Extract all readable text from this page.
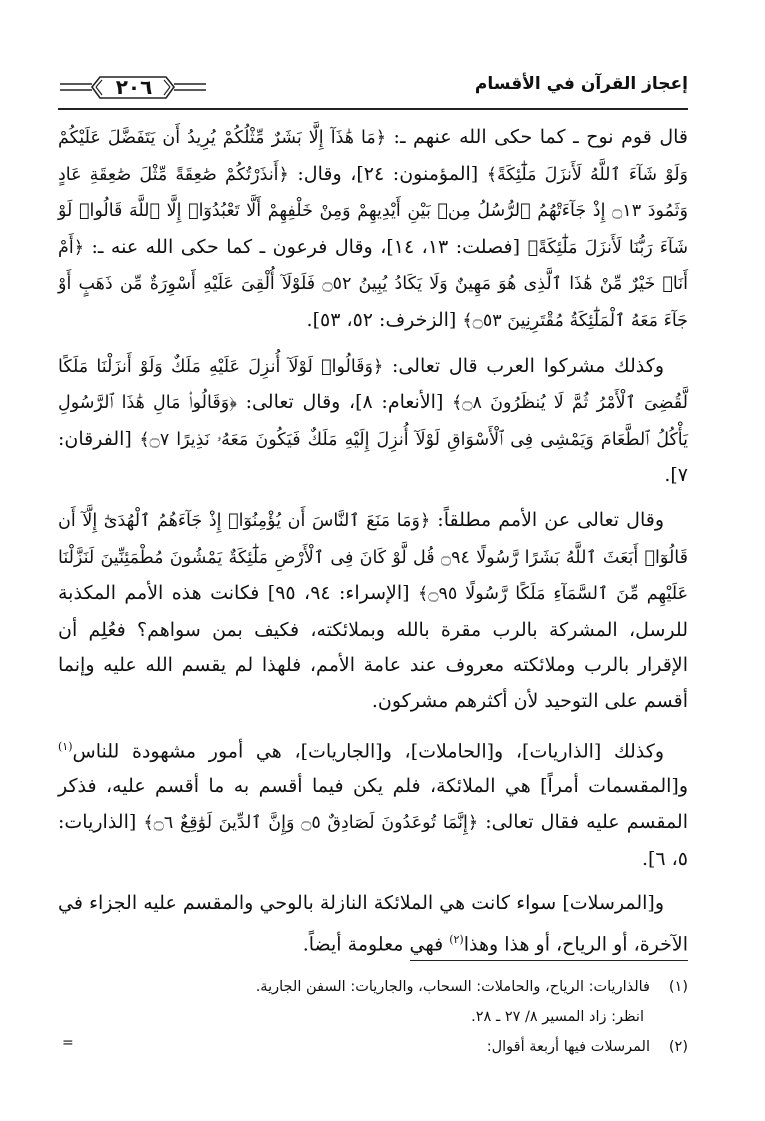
إعجاز القرآن في الأقسام
٢٠٦

قال قوم نوح ـ كما حكى الله عنهم ـ: ﴿مَا هَٰذَآ إِلَّا بَشَرٌ مِّثْلُكُمْ يُرِيدُ أَن يَتَفَضَّلَ عَلَيْكُمْ وَلَوْ شَآءَ ٱللَّهُ لَأَنزَلَ مَلَٰٓئِكَةً﴾ [المؤمنون: ٢٤]، وقال: ﴿أَنذَرْتُكُمْ صَٰعِقَةً مِّثْلَ صَٰعِقَةِ عَادٍ وَثَمُودَ ۝١٣ إِذْ جَآءَتْهُمُ ٱلرُّسُلُ مِنۢ بَيْنِ أَيْدِيهِمْ وَمِنْ خَلْفِهِمْ أَلَّا تَعْبُدُوٓا۟ إِلَّا ٱللَّهَ قَالُوا۟ لَوْ شَآءَ رَبُّنَا لَأَنزَلَ مَلَٰٓئِكَةً﴾ [فصلت: ١٣، ١٤]، وقال فرعون ـ كما حكى الله عنه ـ: ﴿أَمْ أَنَا۠ خَيْرٌ مِّنْ هَٰذَا ٱلَّذِى هُوَ مَهِينٌ وَلَا يَكَادُ يُبِينُ ۝٥٢ فَلَوْلَآ أُلْقِىَ عَلَيْهِ أَسْوِرَةٌ مِّن ذَهَبٍ أَوْ جَآءَ مَعَهُ ٱلْمَلَٰٓئِكَةُ مُقْتَرِنِينَ ۝٥٣﴾ [الزخرف: ٥٢، ٥٣].

وكذلك مشركوا العرب قال تعالى: ﴿وَقَالُوا۟ لَوْلَآ أُنزِلَ عَلَيْهِ مَلَكٌ وَلَوْ أَنزَلْنَا مَلَكًا لَّقُضِىَ ٱلْأَمْرُ ثُمَّ لَا يُنظَرُونَ ۝٨﴾ [الأنعام: ٨]، وقال تعالى: ﴿وَقَالُوا۟ مَالِ هَٰذَا ٱلرَّسُولِ يَأْكُلُ ٱلطَّعَامَ وَيَمْشِى فِى ٱلْأَسْوَاقِ لَوْلَآ أُنزِلَ إِلَيْهِ مَلَكٌ فَيَكُونَ مَعَهُۥ نَذِيرًا ۝٧﴾ [الفرقان: ٧].

وقال تعالى عن الأمم مطلقاً: ﴿وَمَا مَنَعَ ٱلنَّاسَ أَن يُؤْمِنُوٓا۟ إِذْ جَآءَهُمُ ٱلْهُدَىٰٓ إِلَّآ أَن قَالُوٓا۟ أَبَعَثَ ٱللَّهُ بَشَرًا رَّسُولًا ۝٩٤ قُل لَّوْ كَانَ فِى ٱلْأَرْضِ مَلَٰٓئِكَةٌ يَمْشُونَ مُطْمَئِنِّينَ لَنَزَّلْنَا عَلَيْهِم مِّنَ ٱلسَّمَآءِ مَلَكًا رَّسُولًا ۝٩٥﴾ [الإسراء: ٩٤، ٩٥] فكانت هذه الأمم المكذبة للرسل، المشركة بالرب مقرة بالله وبملائكته، فكيف بمن سواهم؟ فعُلِم أن الإقرار بالرب وملائكته معروف عند عامة الأمم، فلهذا لم يقسم الله عليه وإنما أقسم على التوحيد لأن أكثرهم مشركون.

وكذلك [الذاريات]، و[الحاملات]، و[الجاريات]، هي أمور مشهودة للناس$^{(١)}$ و[المقسمات أمراً] هي الملائكة، فلم يكن فيما أقسم به ما أقسم عليه، فذكر المقسم عليه فقال تعالى: ﴿إِنَّمَا تُوعَدُونَ لَصَادِقٌ ۝٥ وَإِنَّ ٱلدِّينَ لَوَٰقِعٌ ۝٦﴾ [الذاريات: ٥، ٦].

و[المرسلات] سواء كانت هي الملائكة النازلة بالوحي والمقسم عليه الجزاء في الآخرة، أو الرياح، أو هذا وهذا$^{(٢)}$ فهي معلومة أيضاً.

(١)فالذاريات: الرياح، والحاملات: السحاب، والجاريات: السفن الجارية.

انظر: زاد المسير ٨/ ٢٧ ـ ٢٨.

(٢)المرسلات فيها أربعة أقوال:

=
